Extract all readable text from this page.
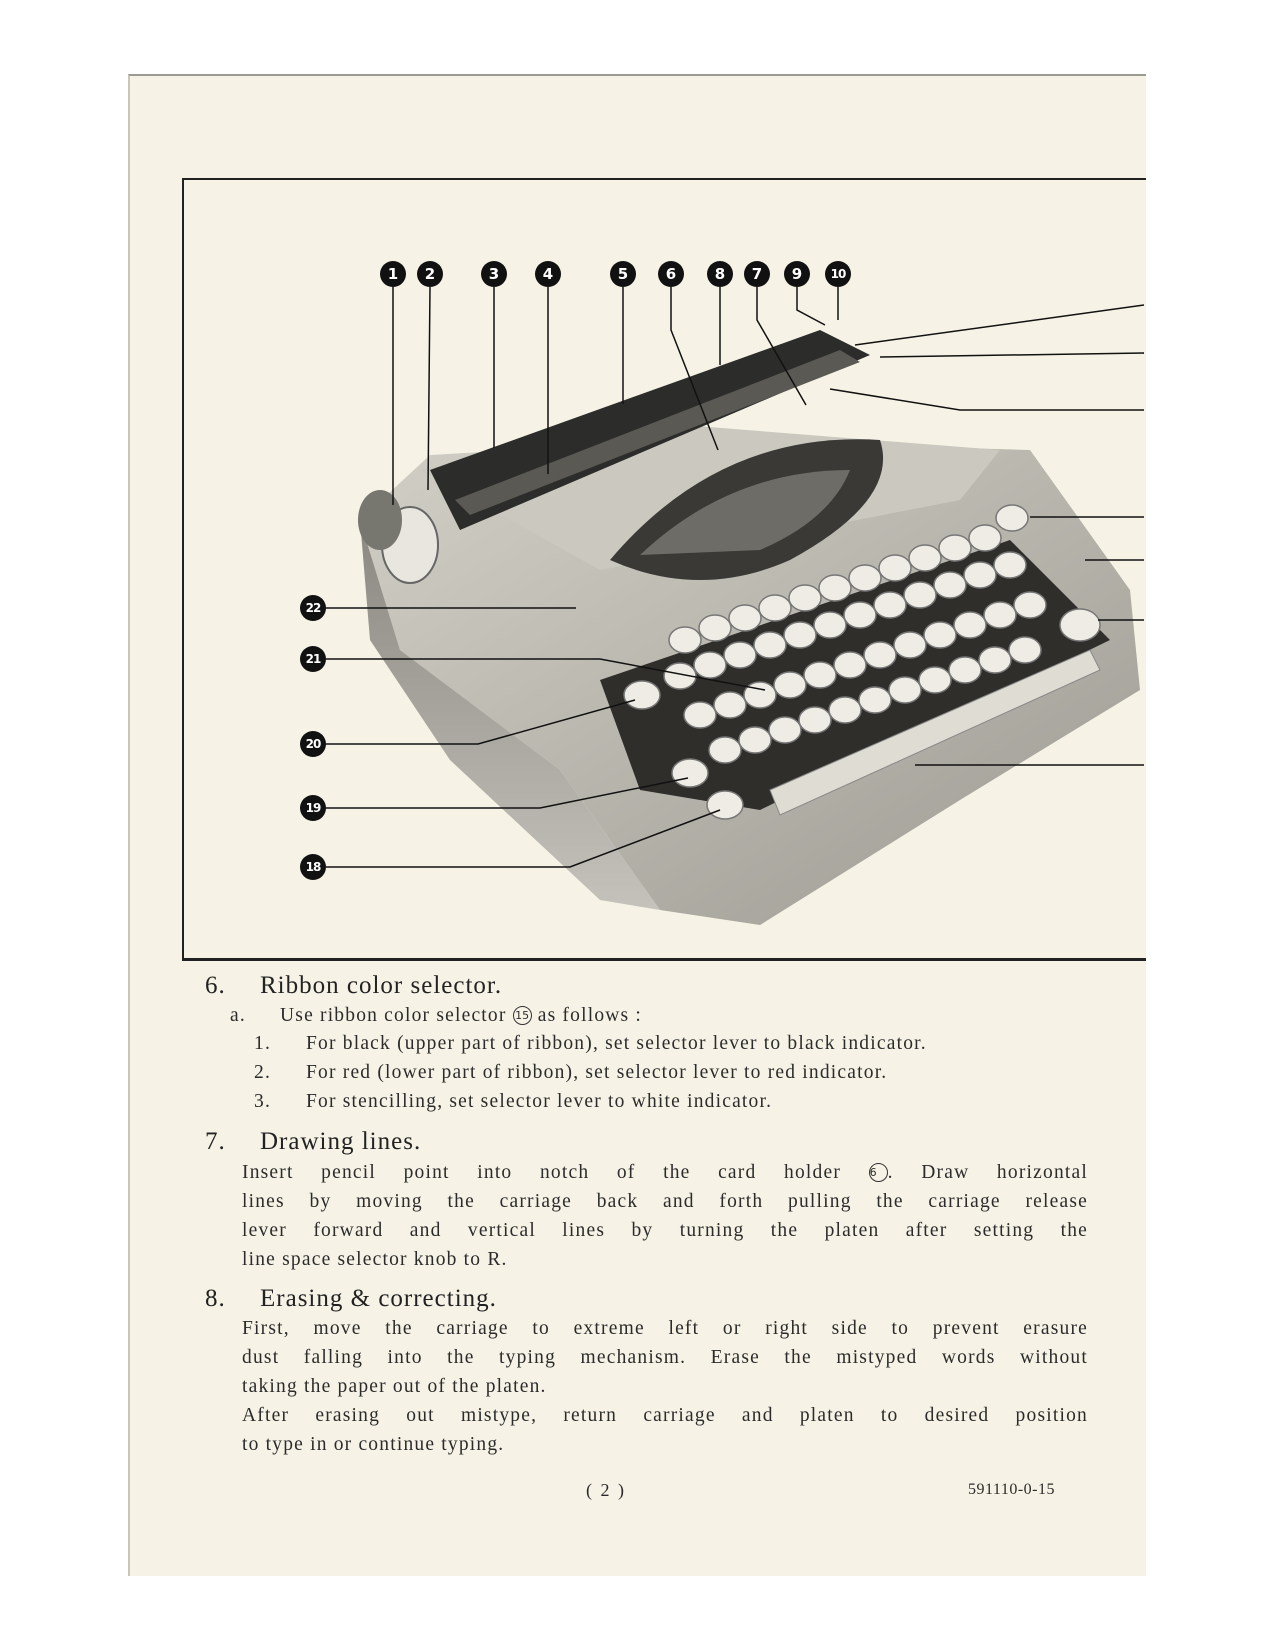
1	2	3	4	5	6	8	7	9	10
22
21
20
19
18
6. Ribbon color selector.
a. Use ribbon color selector 15 as follows :
1. For black (upper part of ribbon), set selector lever to black indicator.
2. For red (lower part of ribbon), set selector lever to red indicator.
3. For stencilling, set selector lever to white indicator.
7. Drawing lines.
Insert pencil point into notch of the card holder	6 . Draw horizontal
lines by moving the carriage back and forth pulling the carriage release
lever forward and vertical lines by turning the platen after setting the
line space selector knob to R.
8. Erasing & correcting.
First, move the carriage to extreme left or right side to prevent erasure
dust falling into the typing mechanism. Erase the mistyped words without
taking the paper out of the platen.
After erasing out mistype, return carriage and platen to desired position
to type in or continue typing.
( 2 )	591110-0-15
